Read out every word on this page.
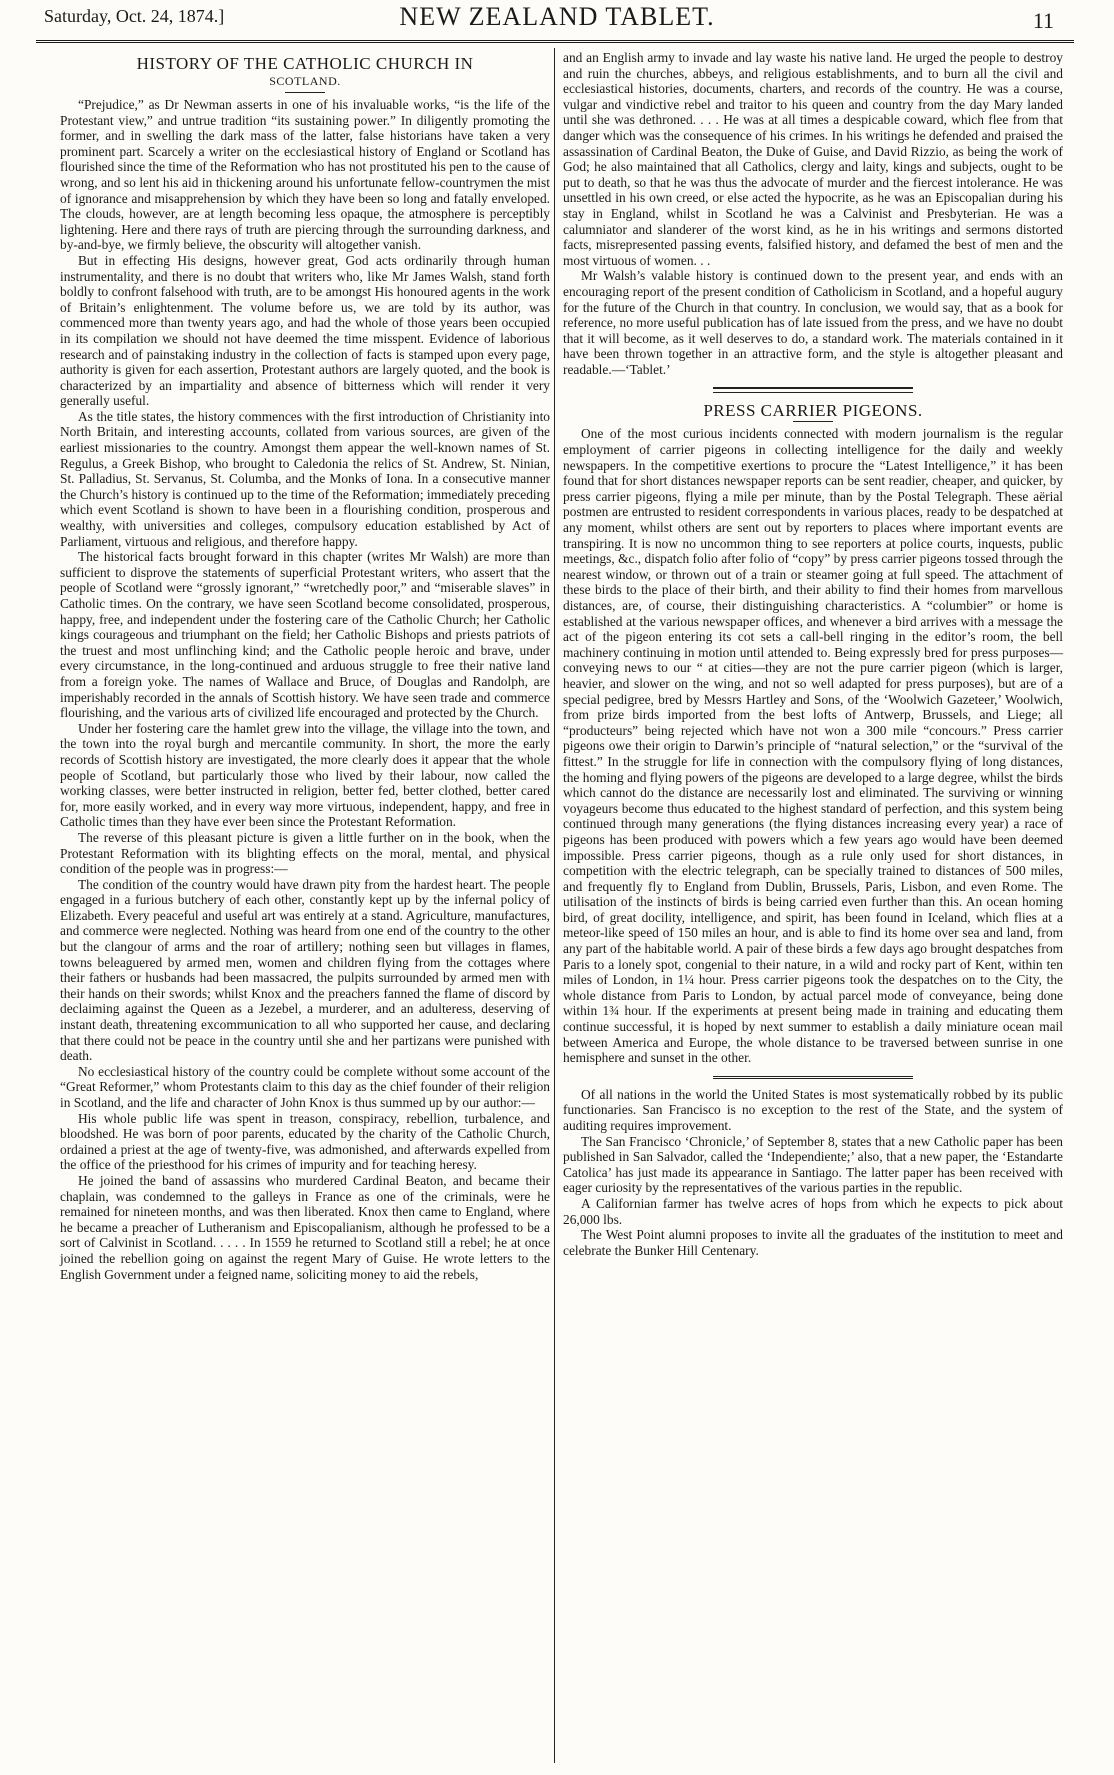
Saturday, Oct. 24, 1874.]	NEW ZEALAND TABLET.	11
HISTORY OF THE CATHOLIC CHURCH IN
SCOTLAND.

“Prejudice,” as Dr Newman asserts in one of his invaluable works, “is the life of the Protestant view,” and untrue tradition “its sustaining power.” In diligently promoting the former, and in swelling the dark mass of the latter, false historians have taken a very prominent part. Scarcely a writer on the ecclesiastical history of England or Scotland has flourished since the time of the Reformation who has not prostituted his pen to the cause of wrong, and so lent his aid in thickening around his unfortunate fellow-countrymen the mist of ignorance and misapprehension by which they have been so long and fatally enveloped. The clouds, however, are at length becoming less opaque, the atmosphere is perceptibly lightening. Here and there rays of truth are piercing through the surrounding darkness, and by-and-bye, we firmly believe, the obscurity will altogether vanish.

But in effecting His designs, however great, God acts ordinarily through human instrumentality, and there is no doubt that writers who, like Mr James Walsh, stand forth boldly to confront falsehood with truth, are to be amongst His honoured agents in the work of Britain’s enlightenment. The volume before us, we are told by its author, was commenced more than twenty years ago, and had the whole of those years been occupied in its compilation we should not have deemed the time misspent. Evidence of laborious research and of painstaking industry in the collection of facts is stamped upon every page, authority is given for each assertion, Protestant authors are largely quoted, and the book is characterized by an impartiality and absence of bitterness which will render it very generally useful.

As the title states, the history commences with the first introduction of Christianity into North Britain, and interesting accounts, collated from various sources, are given of the earliest missionaries to the country. Amongst them appear the well-known names of St. Regulus, a Greek Bishop, who brought to Caledonia the relics of St. Andrew, St. Ninian, St. Palladius, St. Servanus, St. Columba, and the Monks of Iona. In a consecutive manner the Church’s history is continued up to the time of the Reformation; immediately preceding which event Scotland is shown to have been in a flourishing condition, prosperous and wealthy, with universities and colleges, compulsory education established by Act of Parliament, virtuous and religious, and therefore happy.

The historical facts brought forward in this chapter (writes Mr Walsh) are more than sufficient to disprove the statements of superficial Protestant writers, who assert that the people of Scotland were “grossly ignorant,” “wretchedly poor,” and “miserable slaves” in Catholic times. On the contrary, we have seen Scotland become consolidated, prosperous, happy, free, and independent under the fostering care of the Catholic Church; her Catholic kings courageous and triumphant on the field; her Catholic Bishops and priests patriots of the truest and most unflinching kind; and the Catholic people heroic and brave, under every circumstance, in the long-continued and arduous struggle to free their native land from a foreign yoke. The names of Wallace and Bruce, of Douglas and Randolph, are imperishably recorded in the annals of Scottish history. We have seen trade and commerce flourishing, and the various arts of civilized life encouraged and protected by the Church.

Under her fostering care the hamlet grew into the village, the village into the town, and the town into the royal burgh and mercantile community. In short, the more the early records of Scottish history are investigated, the more clearly does it appear that the whole people of Scotland, but particularly those who lived by their labour, now called the working classes, were better instructed in religion, better fed, better clothed, better cared for, more easily worked, and in every way more virtuous, independent, happy, and free in Catholic times than they have ever been since the Protestant Reformation.

The reverse of this pleasant picture is given a little further on in the book, when the Protestant Reformation with its blighting effects on the moral, mental, and physical condition of the people was in progress:—

The condition of the country would have drawn pity from the hardest heart. The people engaged in a furious butchery of each other, constantly kept up by the infernal policy of Elizabeth. Every peaceful and useful art was entirely at a stand. Agriculture, manufactures, and commerce were neglected. Nothing was heard from one end of the country to the other but the clangour of arms and the roar of artillery; nothing seen but villages in flames, towns beleaguered by armed men, women and children flying from the cottages where their fathers or husbands had been massacred, the pulpits surrounded by armed men with their hands on their swords; whilst Knox and the preachers fanned the flame of discord by declaiming against the Queen as a Jezebel, a murderer, and an adulteress, deserving of instant death, threatening excommunication to all who supported her cause, and declaring that there could not be peace in the country until she and her partizans were punished with death.

No ecclesiastical history of the country could be complete without some account of the “Great Reformer,” whom Protestants claim to this day as the chief founder of their religion in Scotland, and the life and character of John Knox is thus summed up by our author:—

His whole public life was spent in treason, conspiracy, rebellion, turbalence, and bloodshed. He was born of poor parents, educated by the charity of the Catholic Church, ordained a priest at the age of twenty-five, was admonished, and afterwards expelled from the office of the priesthood for his crimes of impurity and for teaching heresy.

He joined the band of assassins who murdered Cardinal Beaton, and became their chaplain, was condemned to the galleys in France as one of the criminals, were he remained for nineteen months, and was then liberated. Knox then came to England, where he became a preacher of Lutheranism and Episcopalianism, although he professed to be a sort of Calvinist in Scotland. . . . . In 1559 he returned to Scotland still a rebel; he at once joined the rebellion going on against the regent Mary of Guise. He wrote letters to the English Government under a feigned name, soliciting money to aid the rebels,

and an English army to invade and lay waste his native land. He urged the people to destroy and ruin the churches, abbeys, and religious establishments, and to burn all the civil and ecclesiastical histories, documents, charters, and records of the country. He was a course, vulgar and vindictive rebel and traitor to his queen and country from the day Mary landed until she was dethroned. . . . He was at all times a despicable coward, which flee from that danger which was the consequence of his crimes. In his writings he defended and praised the assassination of Cardinal Beaton, the Duke of Guise, and David Rizzio, as being the work of God; he also maintained that all Catholics, clergy and laity, kings and subjects, ought to be put to death, so that he was thus the advocate of murder and the fiercest intolerance. He was unsettled in his own creed, or else acted the hypocrite, as he was an Episcopalian during his stay in England, whilst in Scotland he was a Calvinist and Presbyterian. He was a calumniator and slanderer of the worst kind, as he in his writings and sermons distorted facts, misrepresented passing events, falsified history, and defamed the best of men and the most virtuous of women. . .

Mr Walsh’s valable history is continued down to the present year, and ends with an encouraging report of the present condition of Catholicism in Scotland, and a hopeful augury for the future of the Church in that country. In conclusion, we would say, that as a book for reference, no more useful publication has of late issued from the press, and we have no doubt that it will become, as it well deserves to do, a standard work. The materials contained in it have been thrown together in an attractive form, and the style is altogether pleasant and readable.—‘Tablet.’

PRESS CARRIER PIGEONS.

One of the most curious incidents connected with modern journalism is the regular employment of carrier pigeons in collecting intelligence for the daily and weekly newspapers. In the competitive exertions to procure the “Latest Intelligence,” it has been found that for short distances newspaper reports can be sent readier, cheaper, and quicker, by press carrier pigeons, flying a mile per minute, than by the Postal Telegraph. These aërial postmen are entrusted to resident correspondents in various places, ready to be despatched at any moment, whilst others are sent out by reporters to places where important events are transpiring. It is now no uncommon thing to see reporters at police courts, inquests, public meetings, &c., dispatch folio after folio of “copy” by press carrier pigeons tossed through the nearest window, or thrown out of a train or steamer going at full speed. The attachment of these birds to the place of their birth, and their ability to find their homes from marvellous distances, are, of course, their distinguishing characteristics. A “columbier” or home is established at the various newspaper offices, and whenever a bird arrives with a message the act of the pigeon entering its cot sets a call-bell ringing in the editor’s room, the bell machinery continuing in motion until attended to. Being expressly bred for press purposes—conveying news to our “ at cities—they are not the pure carrier pigeon (which is larger, heavier, and slower on the wing, and not so well adapted for press purposes), but are of a special pedigree, bred by Messrs Hartley and Sons, of the ‘Woolwich Gazeteer,’ Woolwich, from prize birds imported from the best lofts of Antwerp, Brussels, and Liege; all “producteurs” being rejected which have not won a 300 mile “concours.” Press carrier pigeons owe their origin to Darwin’s principle of “natural selection,” or the “survival of the fittest.” In the struggle for life in connection with the compulsory flying of long distances, the homing and flying powers of the pigeons are developed to a large degree, whilst the birds which cannot do the distance are necessarily lost and eliminated. The surviving or winning voyageurs become thus educated to the highest standard of perfection, and this system being continued through many generations (the flying distances increasing every year) a race of pigeons has been produced with powers which a few years ago would have been deemed impossible. Press carrier pigeons, though as a rule only used for short distances, in competition with the electric telegraph, can be specially trained to distances of 500 miles, and frequently fly to England from Dublin, Brussels, Paris, Lisbon, and even Rome. The utilisation of the instincts of birds is being carried even further than this. An ocean homing bird, of great docility, intelligence, and spirit, has been found in Iceland, which flies at a meteor-like speed of 150 miles an hour, and is able to find its home over sea and land, from any part of the habitable world. A pair of these birds a few days ago brought despatches from Paris to a lonely spot, congenial to their nature, in a wild and rocky part of Kent, within ten miles of London, in 1¼ hour. Press carrier pigeons took the despatches on to the City, the whole distance from Paris to London, by actual parcel mode of conveyance, being done within 1¾ hour. If the experiments at present being made in training and educating them continue successful, it is hoped by next summer to establish a daily miniature ocean mail between America and Europe, the whole distance to be traversed between sunrise in one hemisphere and sunset in the other.

Of all nations in the world the United States is most systematically robbed by its public functionaries. San Francisco is no exception to the rest of the State, and the system of auditing requires improvement.

The San Francisco ‘Chronicle,’ of September 8, states that a new Catholic paper has been published in San Salvador, called the ‘Independiente;’ also, that a new paper, the ‘Estandarte Catolica’ has just made its appearance in Santiago. The latter paper has been received with eager curiosity by the representatives of the various parties in the republic.

A Californian farmer has twelve acres of hops from which he expects to pick about 26,000 lbs.

The West Point alumni proposes to invite all the graduates of the institution to meet and celebrate the Bunker Hill Centenary.
